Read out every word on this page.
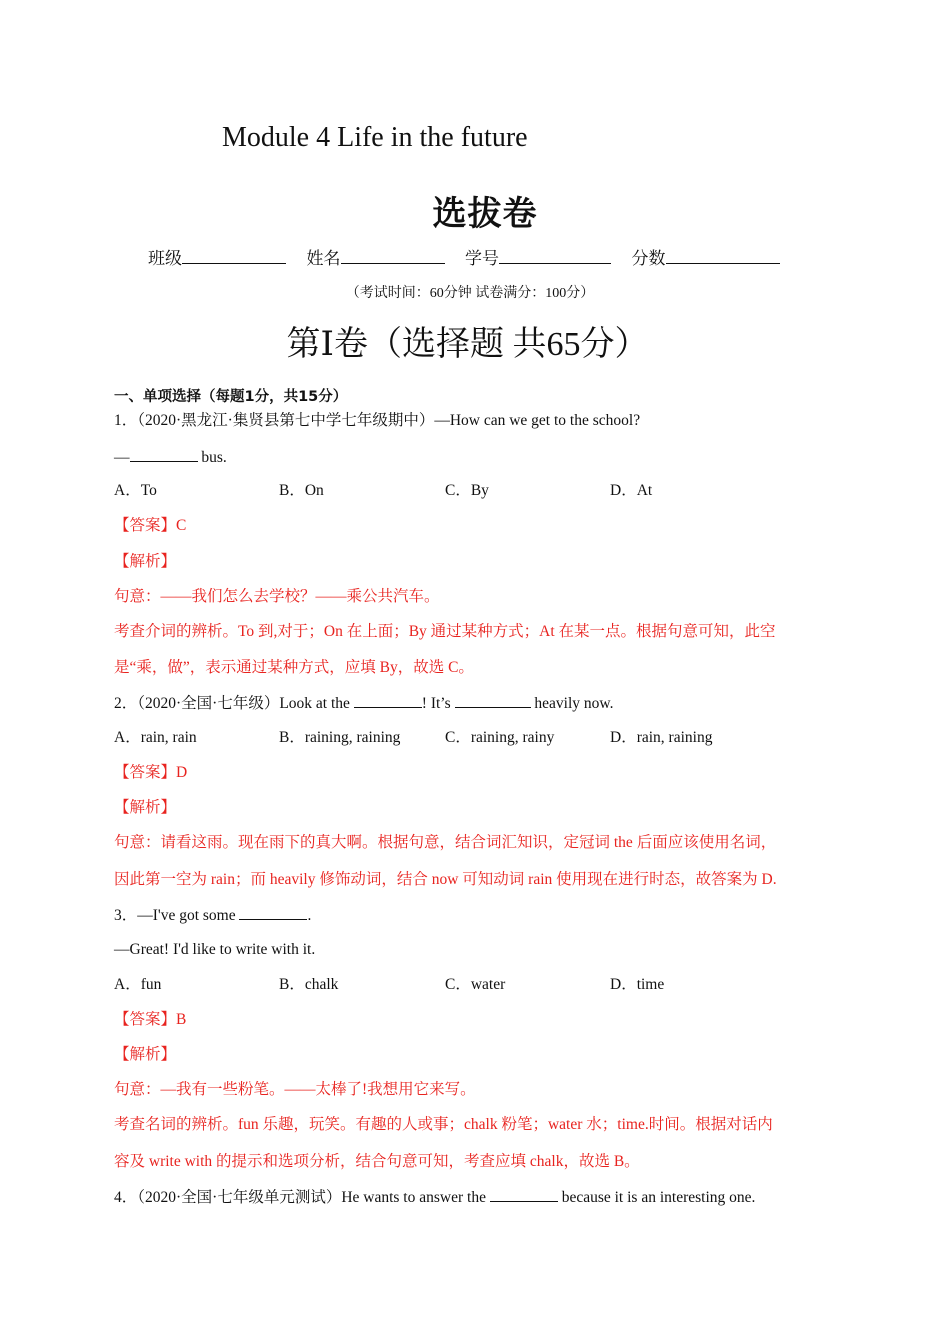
Module 4 Life in the future
选拔卷
班级	姓名	学号	分数
（考试时间：60分钟 试卷满分：100分）
第Ⅰ卷（选择题 共65分）
一、单项选择（每题1分，共15分）
1．（2020·黑龙江·集贤县第七中学七年级期中）—How can we get to the school?
—	bus.
A．To	B．On	C．By	D．At
【答案】C
【解析】
句意：——我们怎么去学校？——乘公共汽车。
考查介词的辨析。To 到,对于；On 在上面；By 通过某种方式；At 在某一点。根据句意可知，此空
是“乘，做”，表示通过某种方式，应填 By，故选 C。
2．（2020·全国·七年级）Look at the	! It’s	heavily now.
A．rain, rain	B．raining, raining	C．raining, rainy	D．rain, raining
【答案】D
【解析】
句意：请看这雨。现在雨下的真大啊。根据句意，结合词汇知识，定冠词 the 后面应该使用名词，
因此第一空为 rain；而 heavily 修饰动词，结合 now 可知动词 rain 使用现在进行时态，故答案为 D.
3．—I've got some	.
—Great! I'd like to write with it.
A．fun	B．chalk	C．water	D．time
【答案】B
【解析】
句意：—我有一些粉笔。——太棒了!我想用它来写。
考查名词的辨析。fun 乐趣，玩笑。有趣的人或事；chalk 粉笔；water 水；time.时间。根据对话内
容及 write with 的提示和选项分析，结合句意可知，考查应填 chalk，故选 B。
4．（2020·全国·七年级单元测试）He wants to answer the	because it is an interesting one.
